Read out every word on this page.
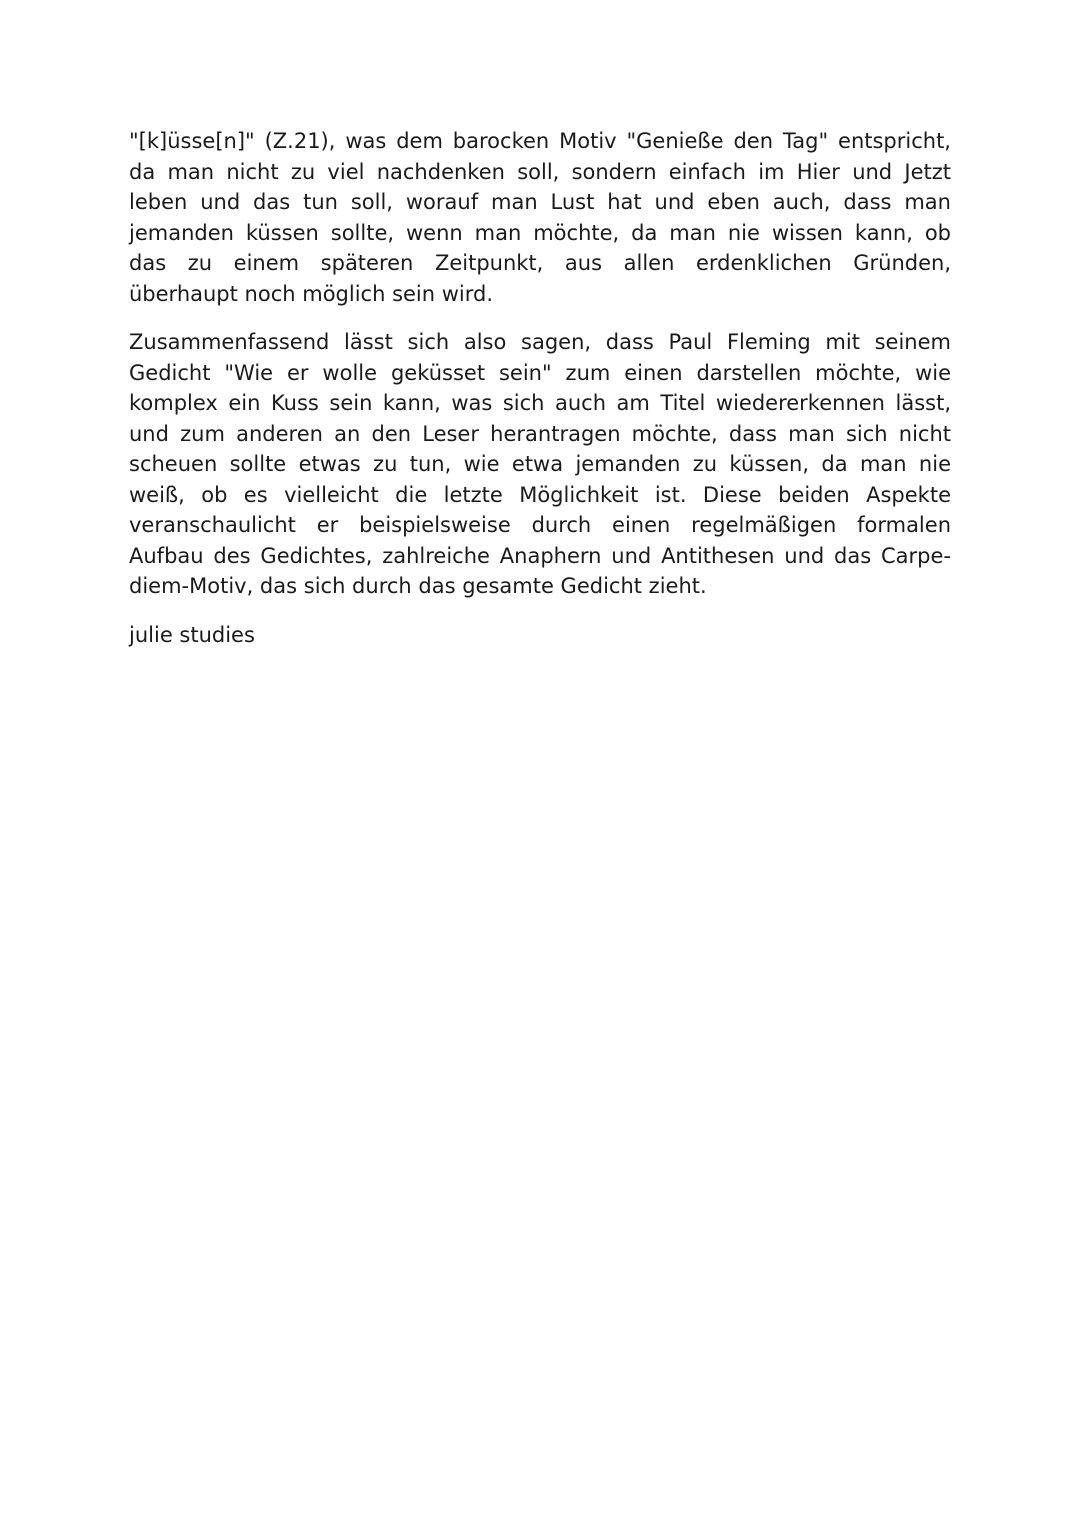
"[k]üsse[n]" (Z.21), was dem barocken Motiv "Genieße den Tag" entspricht,
da man nicht zu viel nachdenken soll, sondern einfach im Hier und Jetzt
leben und das tun soll, worauf man Lust hat und eben auch, dass man
jemanden küssen sollte, wenn man möchte, da man nie wissen kann, ob
das zu einem späteren Zeitpunkt, aus allen erdenklichen Gründen,
überhaupt noch möglich sein wird.

Zusammenfassend lässt sich also sagen, dass Paul Fleming mit seinem
Gedicht "Wie er wolle geküsset sein" zum einen darstellen möchte, wie
komplex ein Kuss sein kann, was sich auch am Titel wiedererkennen lässt,
und zum anderen an den Leser herantragen möchte, dass man sich nicht
scheuen sollte etwas zu tun, wie etwa jemanden zu küssen, da man nie
weiß, ob es vielleicht die letzte Möglichkeit ist. Diese beiden Aspekte
veranschaulicht er beispielsweise durch einen regelmäßigen formalen
Aufbau des Gedichtes, zahlreiche Anaphern und Antithesen und das Carpe-
diem-Motiv, das sich durch das gesamte Gedicht zieht.

julie studies
